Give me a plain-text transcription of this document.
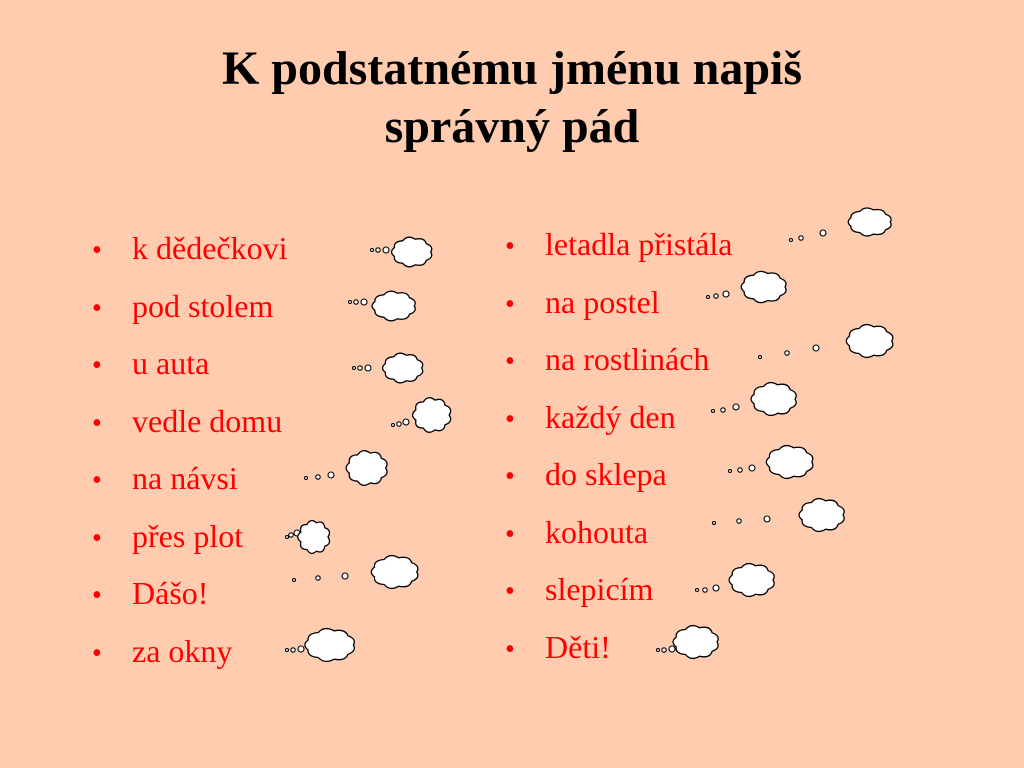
K podstatnému jménu napiš
správný pád
• k dědečkovi
• pod stolem
• u auta
• vedle domu
• na návsi
• přes plot
• Dášo!
• za okny
• letadla přistála
• na postel
• na rostlinách
• každý den
• do sklepa
• kohouta
• slepicím
• Děti!
